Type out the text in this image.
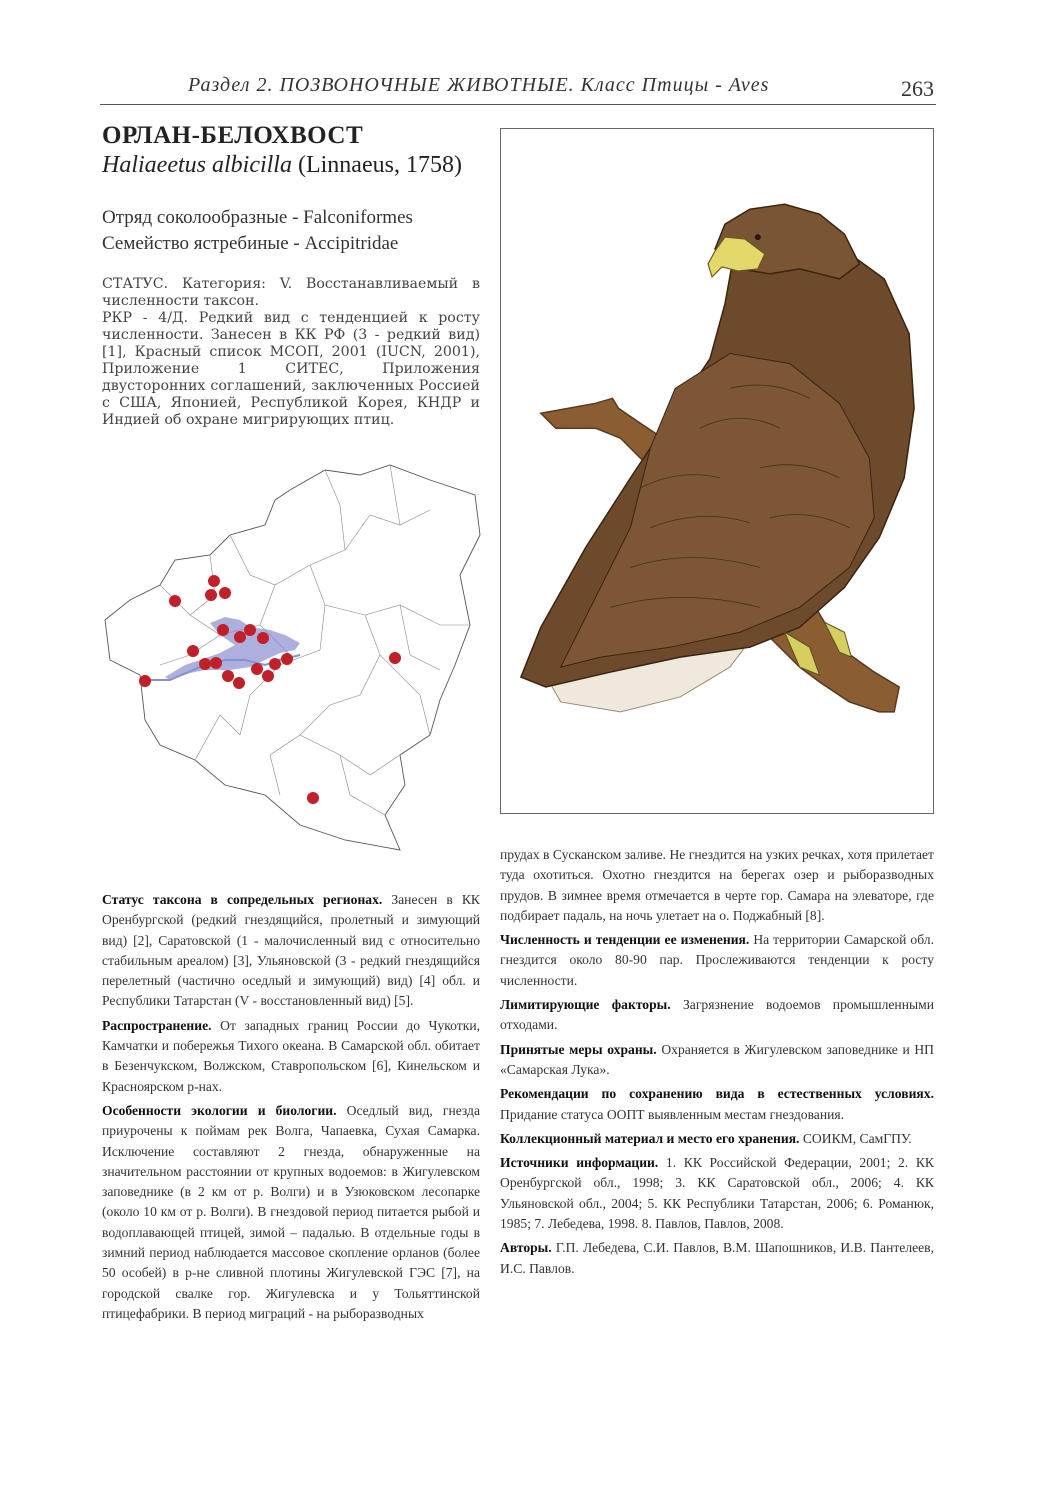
Раздел 2. ПОЗВОНОЧНЫЕ ЖИВОТНЫЕ. Класс Птицы - Aves	263
ОРЛАН-БЕЛОХВОСТ
Haliaeetus albicilla (Linnaeus, 1758)
Отряд соколообразные - Falconiformes
Семейство ястребиные - Accipitridae

СТАТУС. Категория: V. Восстанавливаемый в численности таксон.

РКР - 4/Д. Редкий вид с тенденцией к росту численности. Занесен в КК РФ (3 - редкий вид) [1], Красный список МСОП, 2001 (IUCN, 2001), Приложение 1 СИТЕС, Приложения двусторонних соглашений, заключенных Россией с США, Японией, Республикой Корея, КНДР и Индией об охране мигрирующих птиц.

Статус таксона в сопредельных регионах. Занесен в КК Оренбургской (редкий гнездящийся, пролетный и зимующий вид) [2], Саратовской (1 - малочисленный вид с относительно стабильным ареалом) [3], Ульяновской (3 - редкий гнездящийся перелетный (частично оседлый и зимующий) вид) [4] обл. и Республики Татарстан (V - восстановленный вид) [5].

Распространение. От западных границ России до Чукотки, Камчатки и побережья Тихого океана. В Самарской обл. обитает в Безенчукском, Волжском, Ставропольском [6], Кинельском и Красноярском р-нах.

Особенности экологии и биологии. Оседлый вид, гнезда приурочены к поймам рек Волга, Чапаевка, Сухая Самарка. Исключение составляют 2 гнезда, обнаруженные на значительном расстоянии от крупных водоемов: в Жигулевском заповеднике (в 2 км от р. Волги) и в Узюковском лесопарке (около 10 км от р. Волги). В гнездовой период питается рыбой и водоплавающей птицей, зимой – падалью. В отдельные годы в зимний период наблюдается массовое скопление орланов (более 50 особей) в р-не сливной плотины Жигулевской ГЭС [7], на городской свалке гор. Жигулевска и у Тольяттинской птицефабрики. В период миграций - на рыборазводных

прудах в Сусканском заливе. Не гнездится на узких речках, хотя прилетает туда охотиться. Охотно гнездится на берегах озер и рыборазводных прудов. В зимнее время отмечается в черте гор. Самара на элеваторе, где подбирает падаль, на ночь улетает на о. Поджабный [8].

Численность и тенденции ее изменения. На территории Самарской обл. гнездится около 80-90 пар. Прослеживаются тенденции к росту численности.

Лимитирующие факторы. Загрязнение водоемов промышленными отходами.

Принятые меры охраны. Охраняется в Жигулевском заповеднике и НП «Самарская Лука».

Рекомендации по сохранению вида в естественных условиях. Придание статуса ООПТ выявленным местам гнездования.

Коллекционный материал и место его хранения. СОИКМ, СамГПУ.

Источники информации. 1. КК Российской Федерации, 2001; 2. КК Оренбургской обл., 1998; 3. КК Саратовской обл., 2006; 4. КК Ульяновской обл., 2004; 5. КК Республики Татарстан, 2006; 6. Романюк, 1985; 7. Лебедева, 1998. 8. Павлов, Павлов, 2008.

Авторы. Г.П. Лебедева, С.И. Павлов, В.М. Шапошников, И.В. Пантелеев, И.С. Павлов.
